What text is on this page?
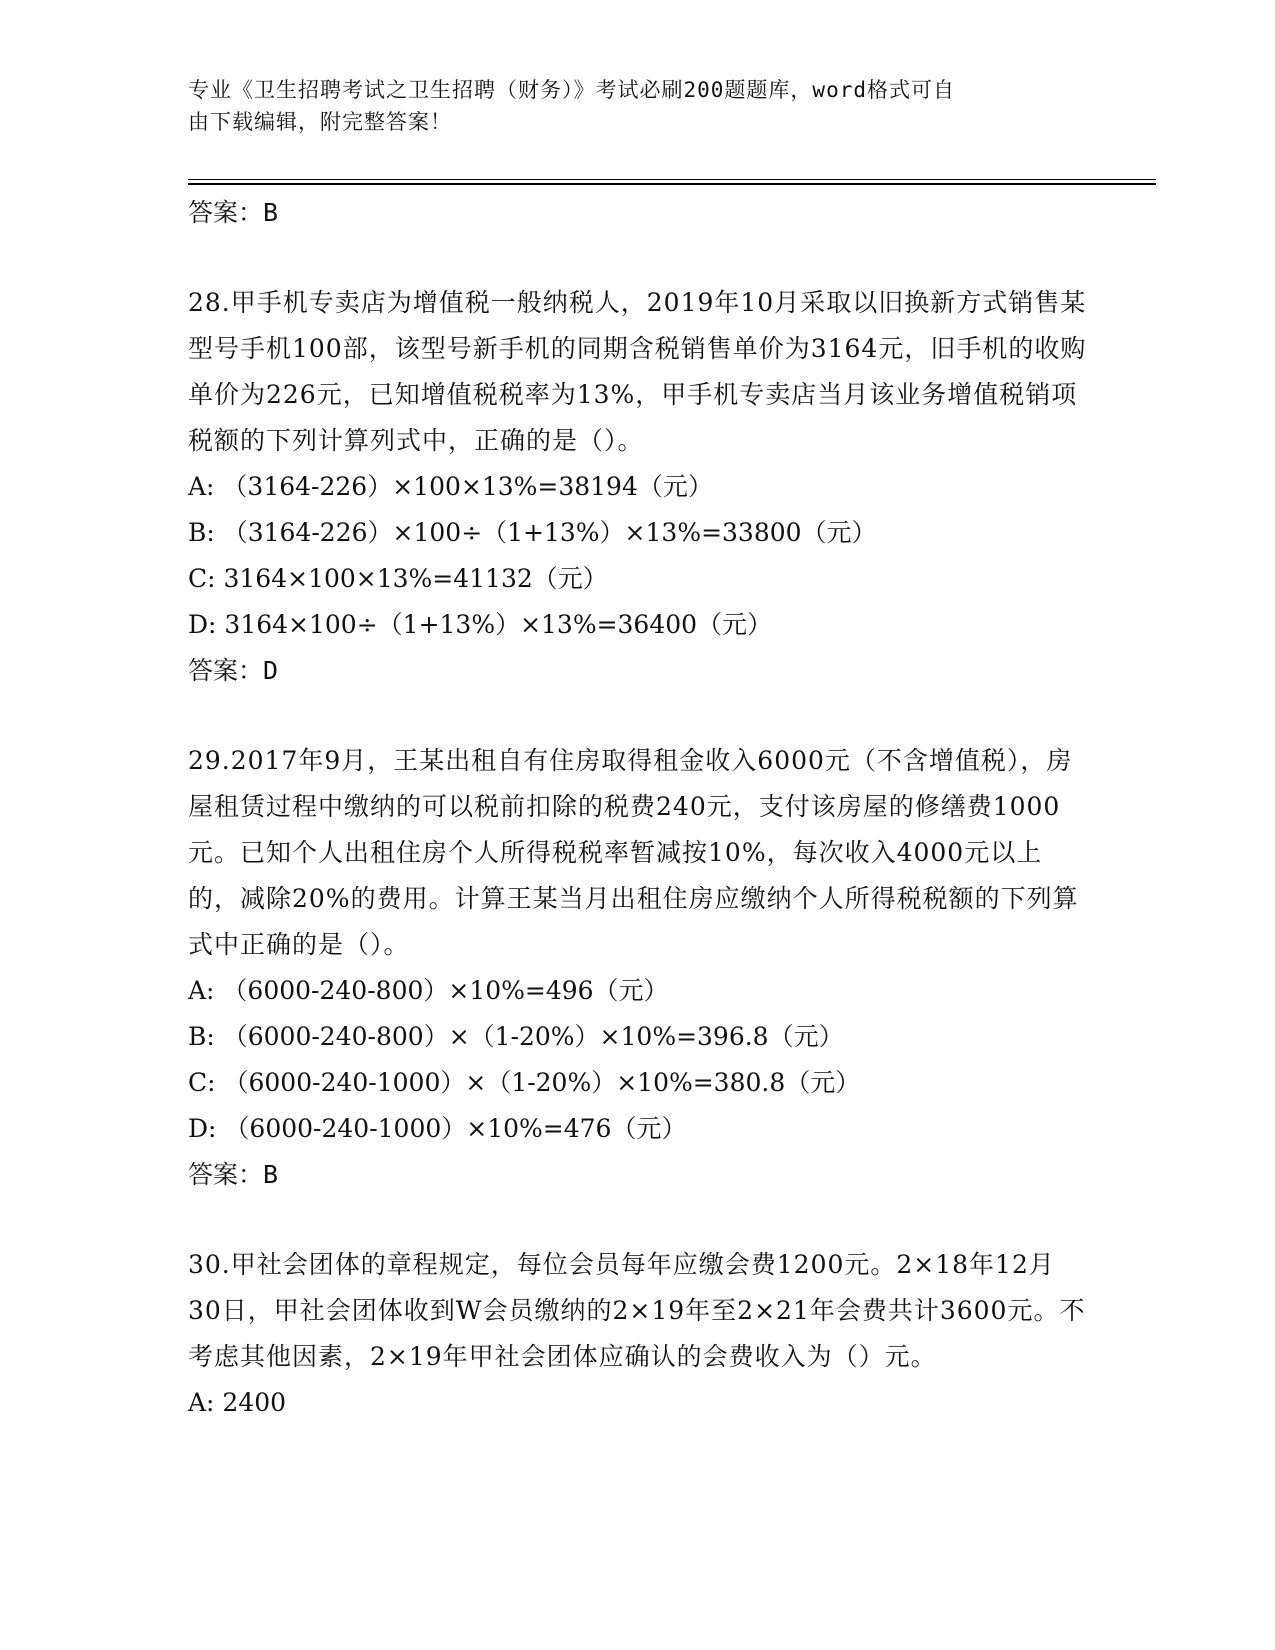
专业《卫生招聘考试之卫生招聘（财务）》考试必刷200题题库，word格式可自
由下载编辑，附完整答案！
答案：B
28.甲手机专卖店为增值税一般纳税人，2019年10月采取以旧换新方式销售某型号手机100部，该型号新手机的同期含税销售单价为3164元，旧手机的收购单价为226元，已知增值税税率为13%，甲手机专卖店当月该业务增值税销项税额的下列计算列式中，正确的是（）。
A: （3164-226）×100×13%=38194（元）
B: （3164-226）×100÷（1+13%）×13%=33800（元）
C: 3164×100×13%=41132（元）
D: 3164×100÷（1+13%）×13%=36400（元）
答案：D
29.2017年9月，王某出租自有住房取得租金收入6000元（不含增值税），房屋租赁过程中缴纳的可以税前扣除的税费240元，支付该房屋的修缮费1000元。已知个人出租住房个人所得税税率暂减按10%，每次收入4000元以上的，减除20%的费用。计算王某当月出租住房应缴纳个人所得税税额的下列算式中正确的是（）。
A: （6000-240-800）×10%=496（元）
B: （6000-240-800）×（1-20%）×10%=396.8（元）
C: （6000-240-1000）×（1-20%）×10%=380.8（元）
D: （6000-240-1000）×10%=476（元）
答案：B
30.甲社会团体的章程规定，每位会员每年应缴会费1200元。2×18年12月30日，甲社会团体收到W会员缴纳的2×19年至2×21年会费共计3600元。不考虑其他因素，2×19年甲社会团体应确认的会费收入为（）元。
A: 2400
